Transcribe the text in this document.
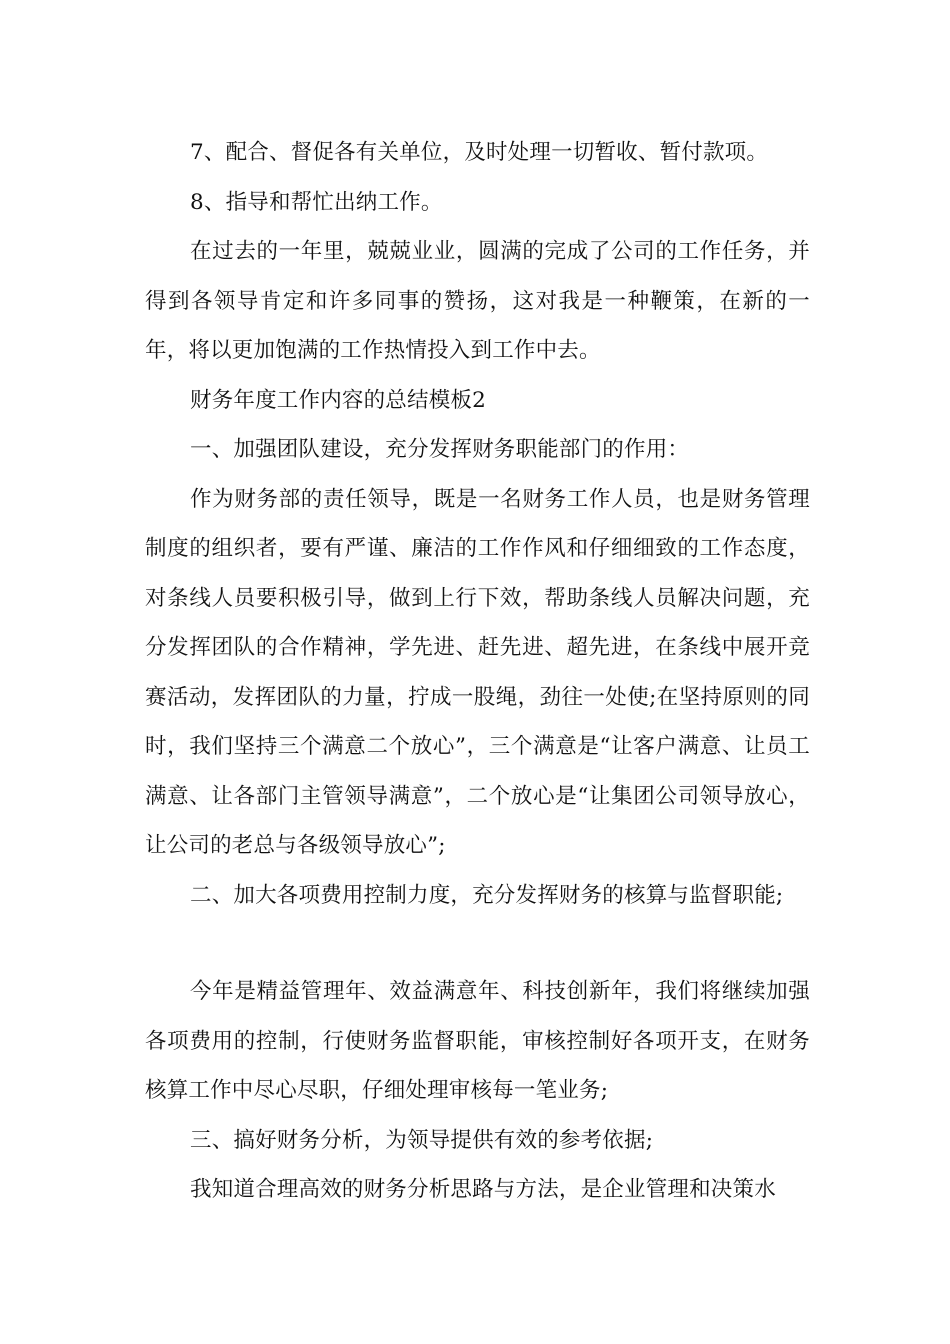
7、配合、督促各有关单位，及时处理一切暂收、暂付款项。

8、指导和帮忙出纳工作。

在过去的一年里，兢兢业业，圆满的完成了公司的工作任务，并得到各领导肯定和许多同事的赞扬，这对我是一种鞭策，在新的一年，将以更加饱满的工作热情投入到工作中去。

财务年度工作内容的总结模板2

一、加强团队建设，充分发挥财务职能部门的作用：

作为财务部的责任领导，既是一名财务工作人员，也是财务管理制度的组织者，要有严谨、廉洁的工作作风和仔细细致的工作态度，对条线人员要积极引导，做到上行下效，帮助条线人员解决问题，充分发挥团队的合作精神，学先进、赶先进、超先进，在条线中展开竞赛活动，发挥团队的力量，拧成一股绳，劲往一处使;在坚持原则的同时，我们坚持三个满意二个放心”，三个满意是“让客户满意、让员工满意、让各部门主管领导满意”，二个放心是“让集团公司领导放心，让公司的老总与各级领导放心”;

二、加大各项费用控制力度，充分发挥财务的核算与监督职能;

今年是精益管理年、效益满意年、科技创新年，我们将继续加强各项费用的控制，行使财务监督职能，审核控制好各项开支，在财务核算工作中尽心尽职，仔细处理审核每一笔业务;

三、搞好财务分析，为领导提供有效的参考依据;

我知道合理高效的财务分析思路与方法，是企业管理和决策水
